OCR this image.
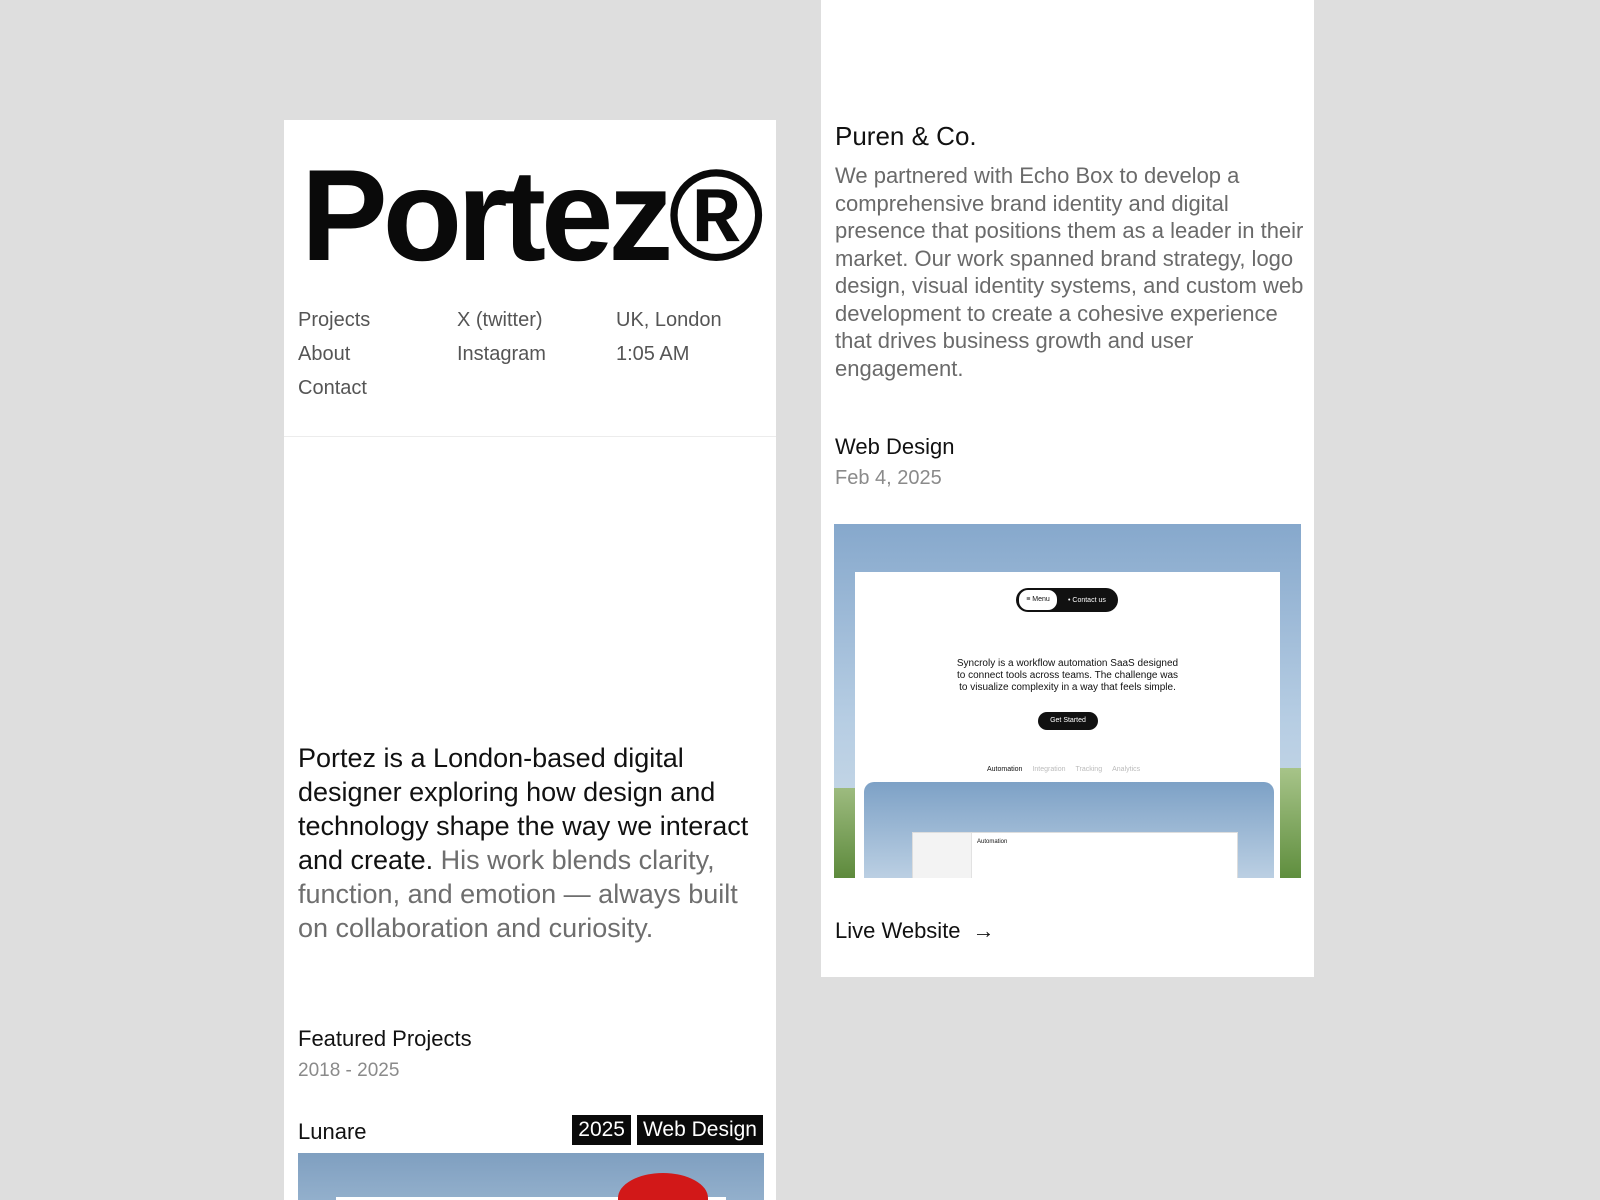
Portez®
Projects
About
Contact
X (twitter)
Instagram
UK, London
1:05 AM

Portez is a London-based digital designer exploring how design and technology shape the way we interact and create. His work blends clarity, function, and emotion — always built on collaboration and curiosity.

Featured Projects
2018 - 2025
Lunare	2025 Web Design
Puren & Co.

We partnered with Echo Box to develop a comprehensive brand identity and digital presence that positions them as a leader in their market. Our work spanned brand strategy, logo design, visual identity systems, and custom web development to create a cohesive experience that drives business growth and user engagement.

Web Design
Feb 4, 2025
≡ Menu	• Contact us

Syncroly is a workflow automation SaaS designed to connect tools across teams. The challenge was to visualize complexity in a way that feels simple.

Get Started
Automation Integration Tracking Analytics
Automation
Live Website →
